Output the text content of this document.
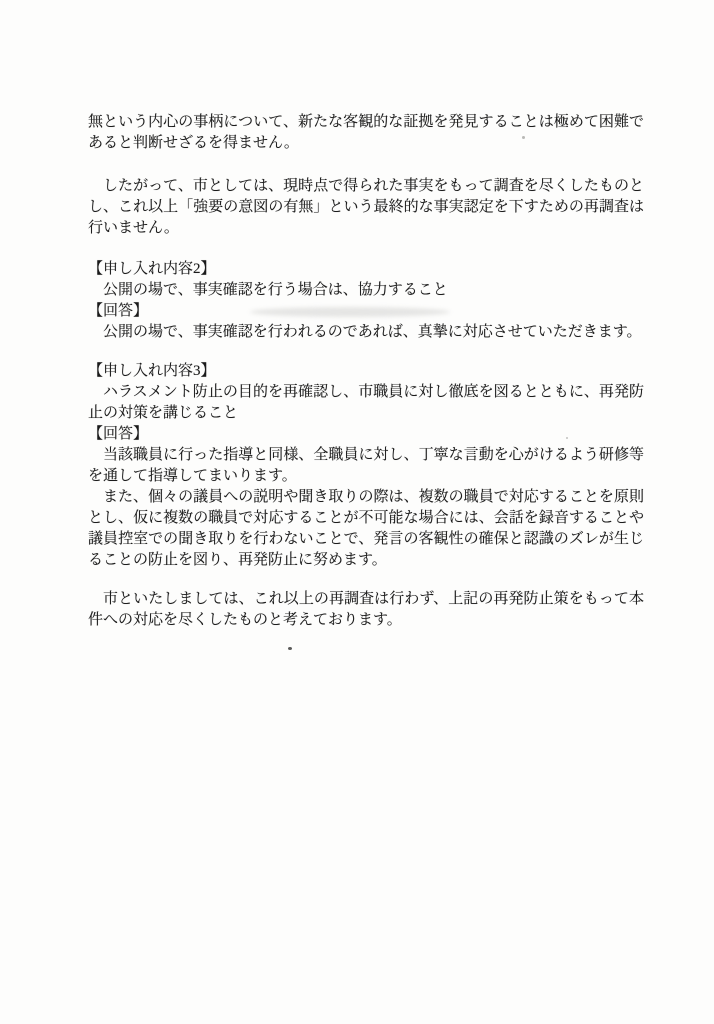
無という内心の事柄について、新たな客観的な証拠を発見することは極めて困難であると判断せざるを得ません。

したがって、市としては、現時点で得られた事実をもって調査を尽くしたものとし、これ以上「強要の意図の有無」という最終的な事実認定を下すための再調査は行いません。

【申し入れ内容2】

公開の場で、事実確認を行う場合は、協力すること

【回答】

公開の場で、事実確認を行われるのであれば、真摯に対応させていただきます。

【申し入れ内容3】

ハラスメント防止の目的を再確認し、市職員に対し徹底を図るとともに、再発防止の対策を講じること

【回答】

当該職員に行った指導と同様、全職員に対し、丁寧な言動を心がけるよう研修等を通して指導してまいります。

また、個々の議員への説明や聞き取りの際は、複数の職員で対応することを原則とし、仮に複数の職員で対応することが不可能な場合には、会話を録音することや議員控室での聞き取りを行わないことで、発言の客観性の確保と認識のズレが生じることの防止を図り、再発防止に努めます。

市といたしましては、これ以上の再調査は行わず、上記の再発防止策をもって本件への対応を尽くしたものと考えております。
